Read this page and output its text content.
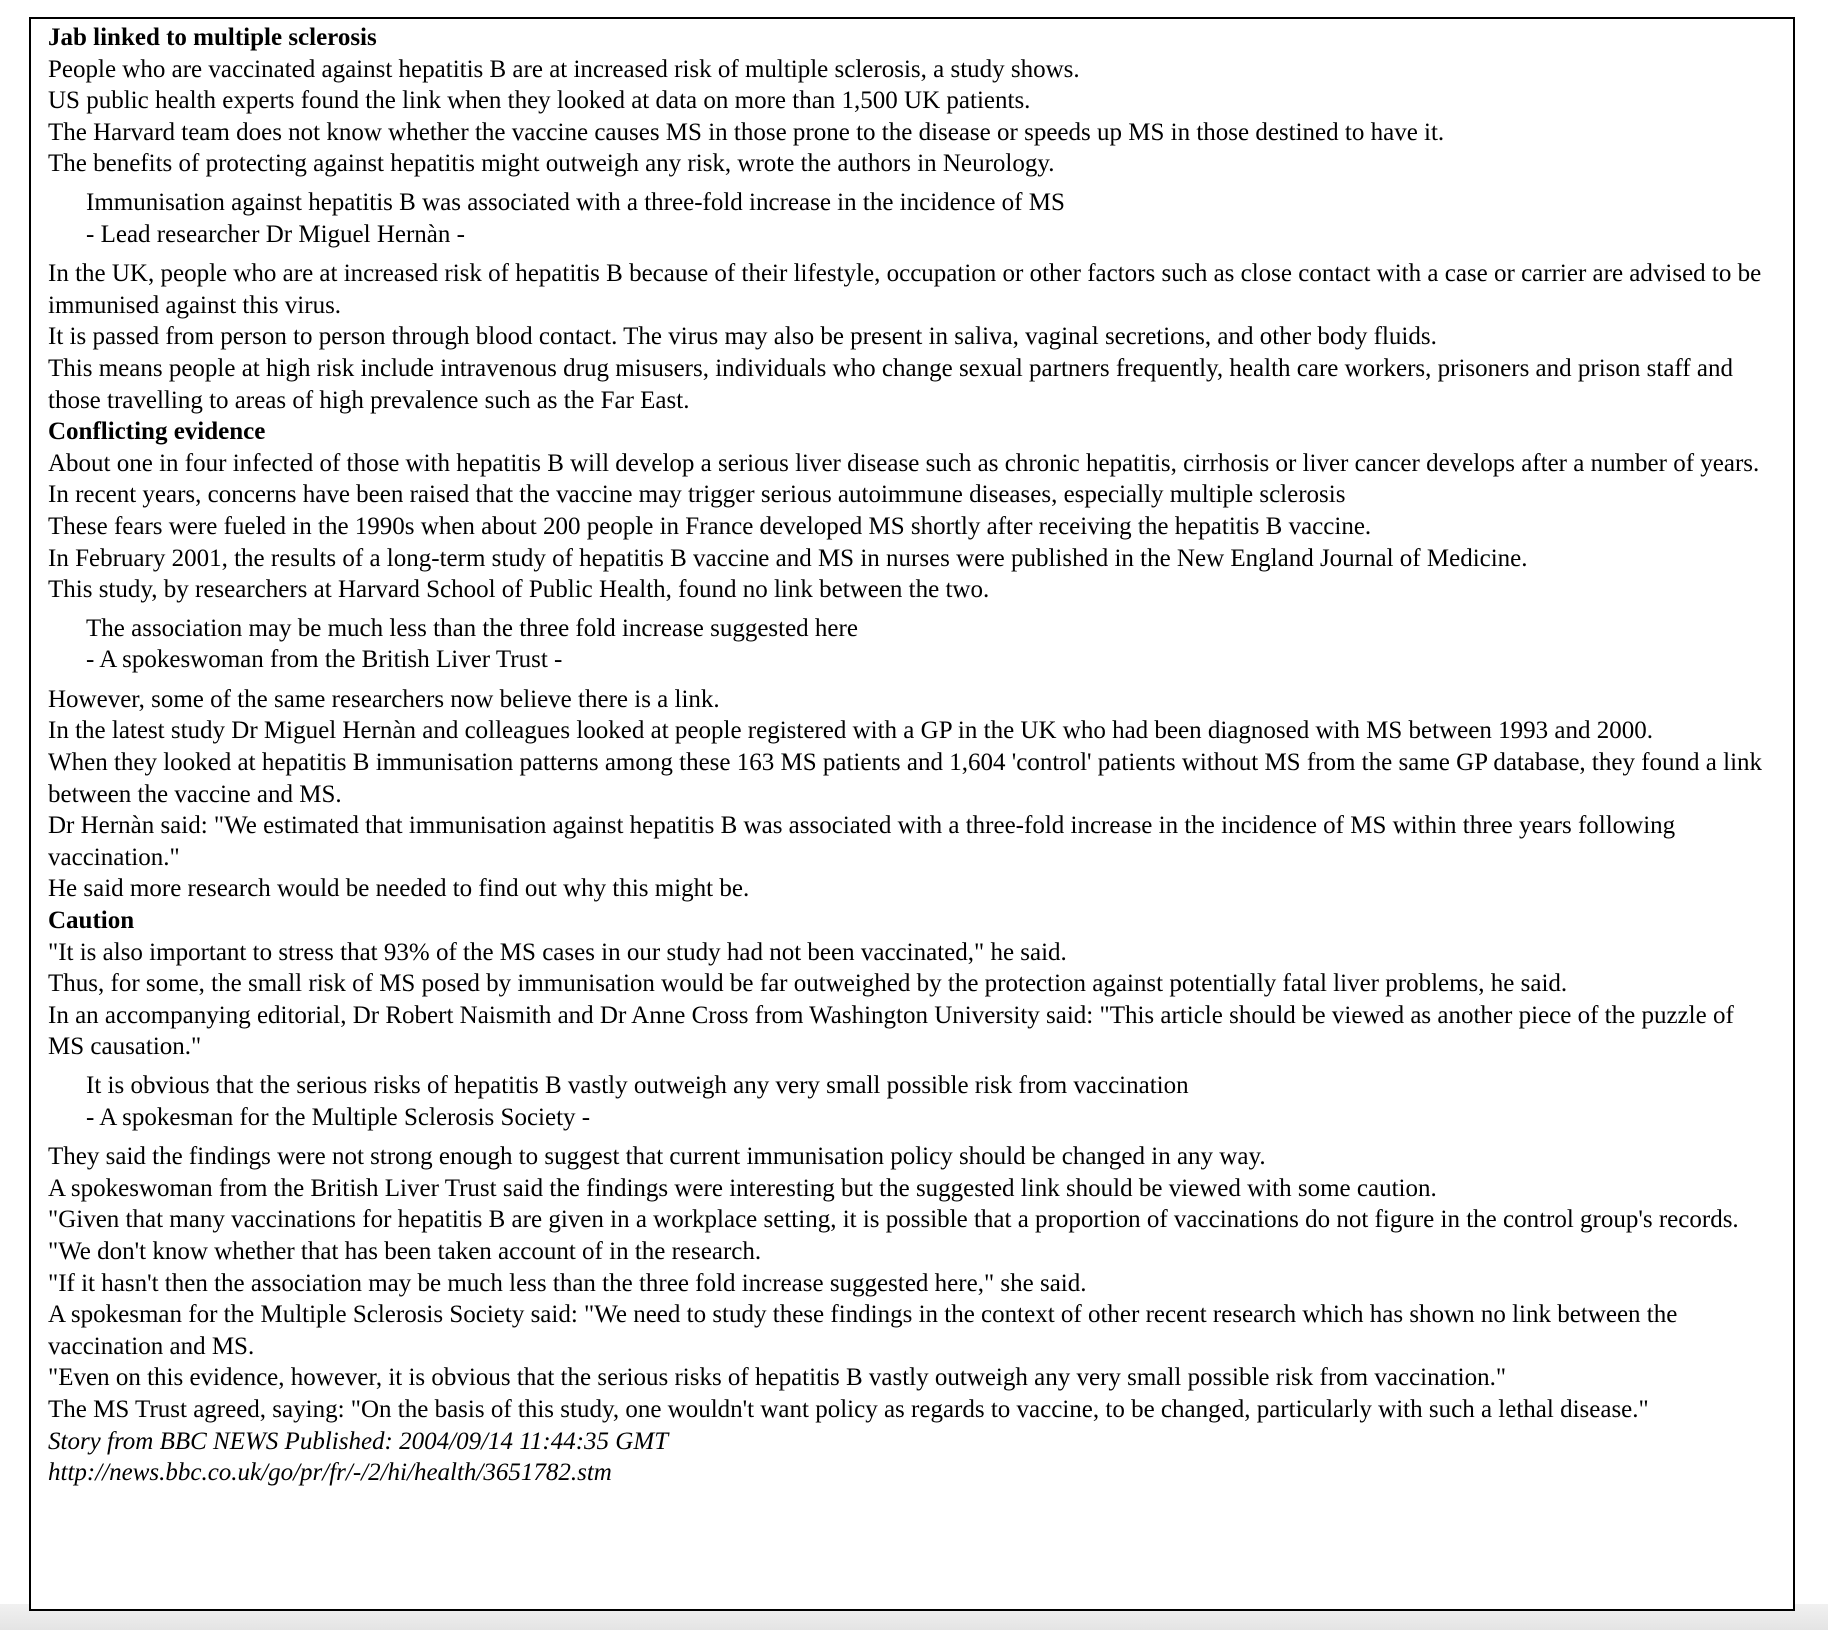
Jab linked to multiple sclerosis

People who are vaccinated against hepatitis B are at increased risk of multiple sclerosis, a study shows.

US public health experts found the link when they looked at data on more than 1,500 UK patients.

The Harvard team does not know whether the vaccine causes MS in those prone to the disease or speeds up MS in those destined to have it.

The benefits of protecting against hepatitis might outweigh any risk, wrote the authors in Neurology.

Immunisation against hepatitis B was associated with a three-fold increase in the incidence of MS

- Lead researcher Dr Miguel Hernàn -

In the UK, people who are at increased risk of hepatitis B because of their lifestyle, occupation or other factors such as close contact with a case or carrier are advised to be immunised against this virus.

It is passed from person to person through blood contact. The virus may also be present in saliva, vaginal secretions, and other body fluids.

This means people at high risk include intravenous drug misusers, individuals who change sexual partners frequently, health care workers, prisoners and prison staff and those travelling to areas of high prevalence such as the Far East.

Conflicting evidence

About one in four infected of those with hepatitis B will develop a serious liver disease such as chronic hepatitis, cirrhosis or liver cancer develops after a number of years.

In recent years, concerns have been raised that the vaccine may trigger serious autoimmune diseases, especially multiple sclerosis

These fears were fueled in the 1990s when about 200 people in France developed MS shortly after receiving the hepatitis B vaccine.

In February 2001, the results of a long-term study of hepatitis B vaccine and MS in nurses were published in the New England Journal of Medicine.

This study, by researchers at Harvard School of Public Health, found no link between the two.

The association may be much less than the three fold increase suggested here

- A spokeswoman from the British Liver Trust -

However, some of the same researchers now believe there is a link.

In the latest study Dr Miguel Hernàn and colleagues looked at people registered with a GP in the UK who had been diagnosed with MS between 1993 and 2000.

When they looked at hepatitis B immunisation patterns among these 163 MS patients and 1,604 'control' patients without MS from the same GP database, they found a link between the vaccine and MS.

Dr Hernàn said: "We estimated that immunisation against hepatitis B was associated with a three-fold increase in the incidence of MS within three years following vaccination."

He said more research would be needed to find out why this might be.

Caution

"It is also important to stress that 93% of the MS cases in our study had not been vaccinated," he said.

Thus, for some, the small risk of MS posed by immunisation would be far outweighed by the protection against potentially fatal liver problems, he said.

In an accompanying editorial, Dr Robert Naismith and Dr Anne Cross from Washington University said: "This article should be viewed as another piece of the puzzle of MS causation."

It is obvious that the serious risks of hepatitis B vastly outweigh any very small possible risk from vaccination

- A spokesman for the Multiple Sclerosis Society -

They said the findings were not strong enough to suggest that current immunisation policy should be changed in any way.

A spokeswoman from the British Liver Trust said the findings were interesting but the suggested link should be viewed with some caution.

"Given that many vaccinations for hepatitis B are given in a workplace setting, it is possible that a proportion of vaccinations do not figure in the control group's records.

"We don't know whether that has been taken account of in the research.

"If it hasn't then the association may be much less than the three fold increase suggested here," she said.

A spokesman for the Multiple Sclerosis Society said: "We need to study these findings in the context of other recent research which has shown no link between the vaccination and MS.

"Even on this evidence, however, it is obvious that the serious risks of hepatitis B vastly outweigh any very small possible risk from vaccination."

The MS Trust agreed, saying: "On the basis of this study, one wouldn't want policy as regards to vaccine, to be changed, particularly with such a lethal disease."

Story from BBC NEWS Published: 2004/09/14 11:44:35 GMT

http://news.bbc.co.uk/go/pr/fr/-/2/hi/health/3651782.stm
